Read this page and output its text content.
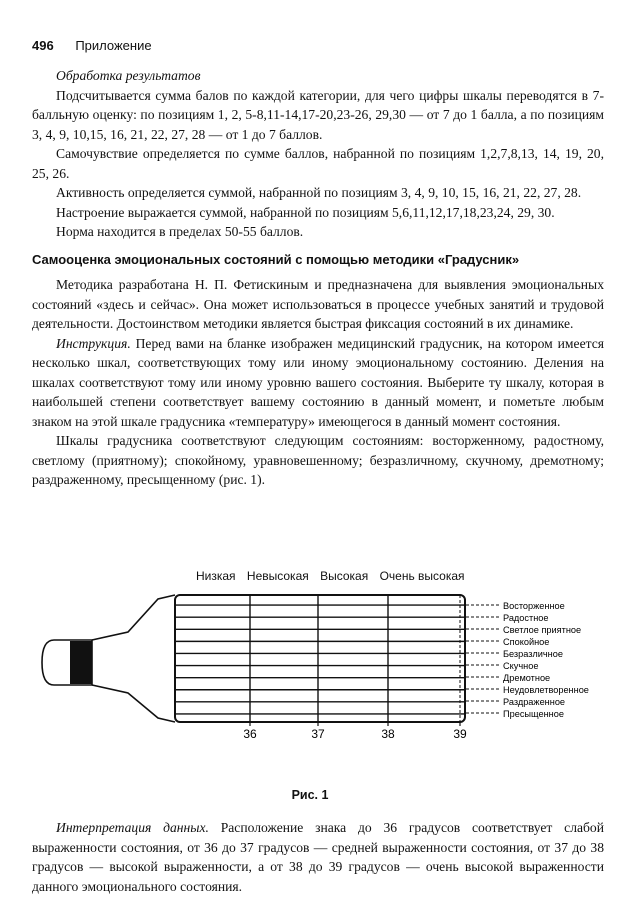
496 Приложение

Обработка результатов

Подсчитывается сумма балов по каждой категории, для чего цифры шкалы переводятся в 7-балльную оценку: по позициям 1, 2, 5-8,11-14,17-20,23-26, 29,30 — от 7 до 1 балла, а по позициям 3, 4, 9, 10,15, 16, 21, 22, 27, 28 — от 1 до 7 баллов.

Самочувствие определяется по сумме баллов, набранной по позициям 1,2,7,8,13, 14, 19, 20, 25, 26.

Активность определяется суммой, набранной по позициям 3, 4, 9, 10, 15, 16, 21, 22, 27, 28.

Настроение выражается суммой, набранной по позициям 5,6,11,12,17,18,23,24, 29, 30.

Норма находится в пределах 50-55 баллов.

Самооценка эмоциональных состояний с помощью методики «Градусник»

Методика разработана Н. П. Фетискиным и предназначена для выявления эмоциональных состояний «здесь и сейчас». Она может использоваться в процессе учебных занятий и трудовой деятельности. Достоинством методики является быстрая фиксация состояний в их динамике.

Инструкция. Перед вами на бланке изображен медицинский градусник, на котором имеется несколько шкал, соответствующих тому или иному эмоциональному состоянию. Деления на шкалах соответствуют тому или иному уровню вашего состояния. Выберите ту шкалу, которая в наибольшей степени соответствует вашему состоянию в данный момент, и пометьте любым знаком на этой шкале градусника «температуру» имеющегося в данный момент состояния.

Шкалы градусника соответствуют следующим состояниям: восторженному, радостному, светлому (приятному); спокойному, уравновешенному; безразличному, скучному, дремотному; раздраженному, пресыщенному (рис. 1).

Низкая Невысокая Высокая Очень высокая
Восторженное
Радостное
Светлое приятное
Спокойное
Безразличное
Скучное
Дремотное
Неудовлетворенное
Раздраженное
Пресыщенное
36	37	38	39
Рис. 1

Интерпретация данных. Расположение знака до 36 градусов соответствует слабой выраженности состояния, от 36 до 37 градусов — средней выраженности состояния, от 37 до 38 градусов — высокой выраженности, а от 38 до 39 градусов — очень высокой выраженности данного эмоционального состояния.
